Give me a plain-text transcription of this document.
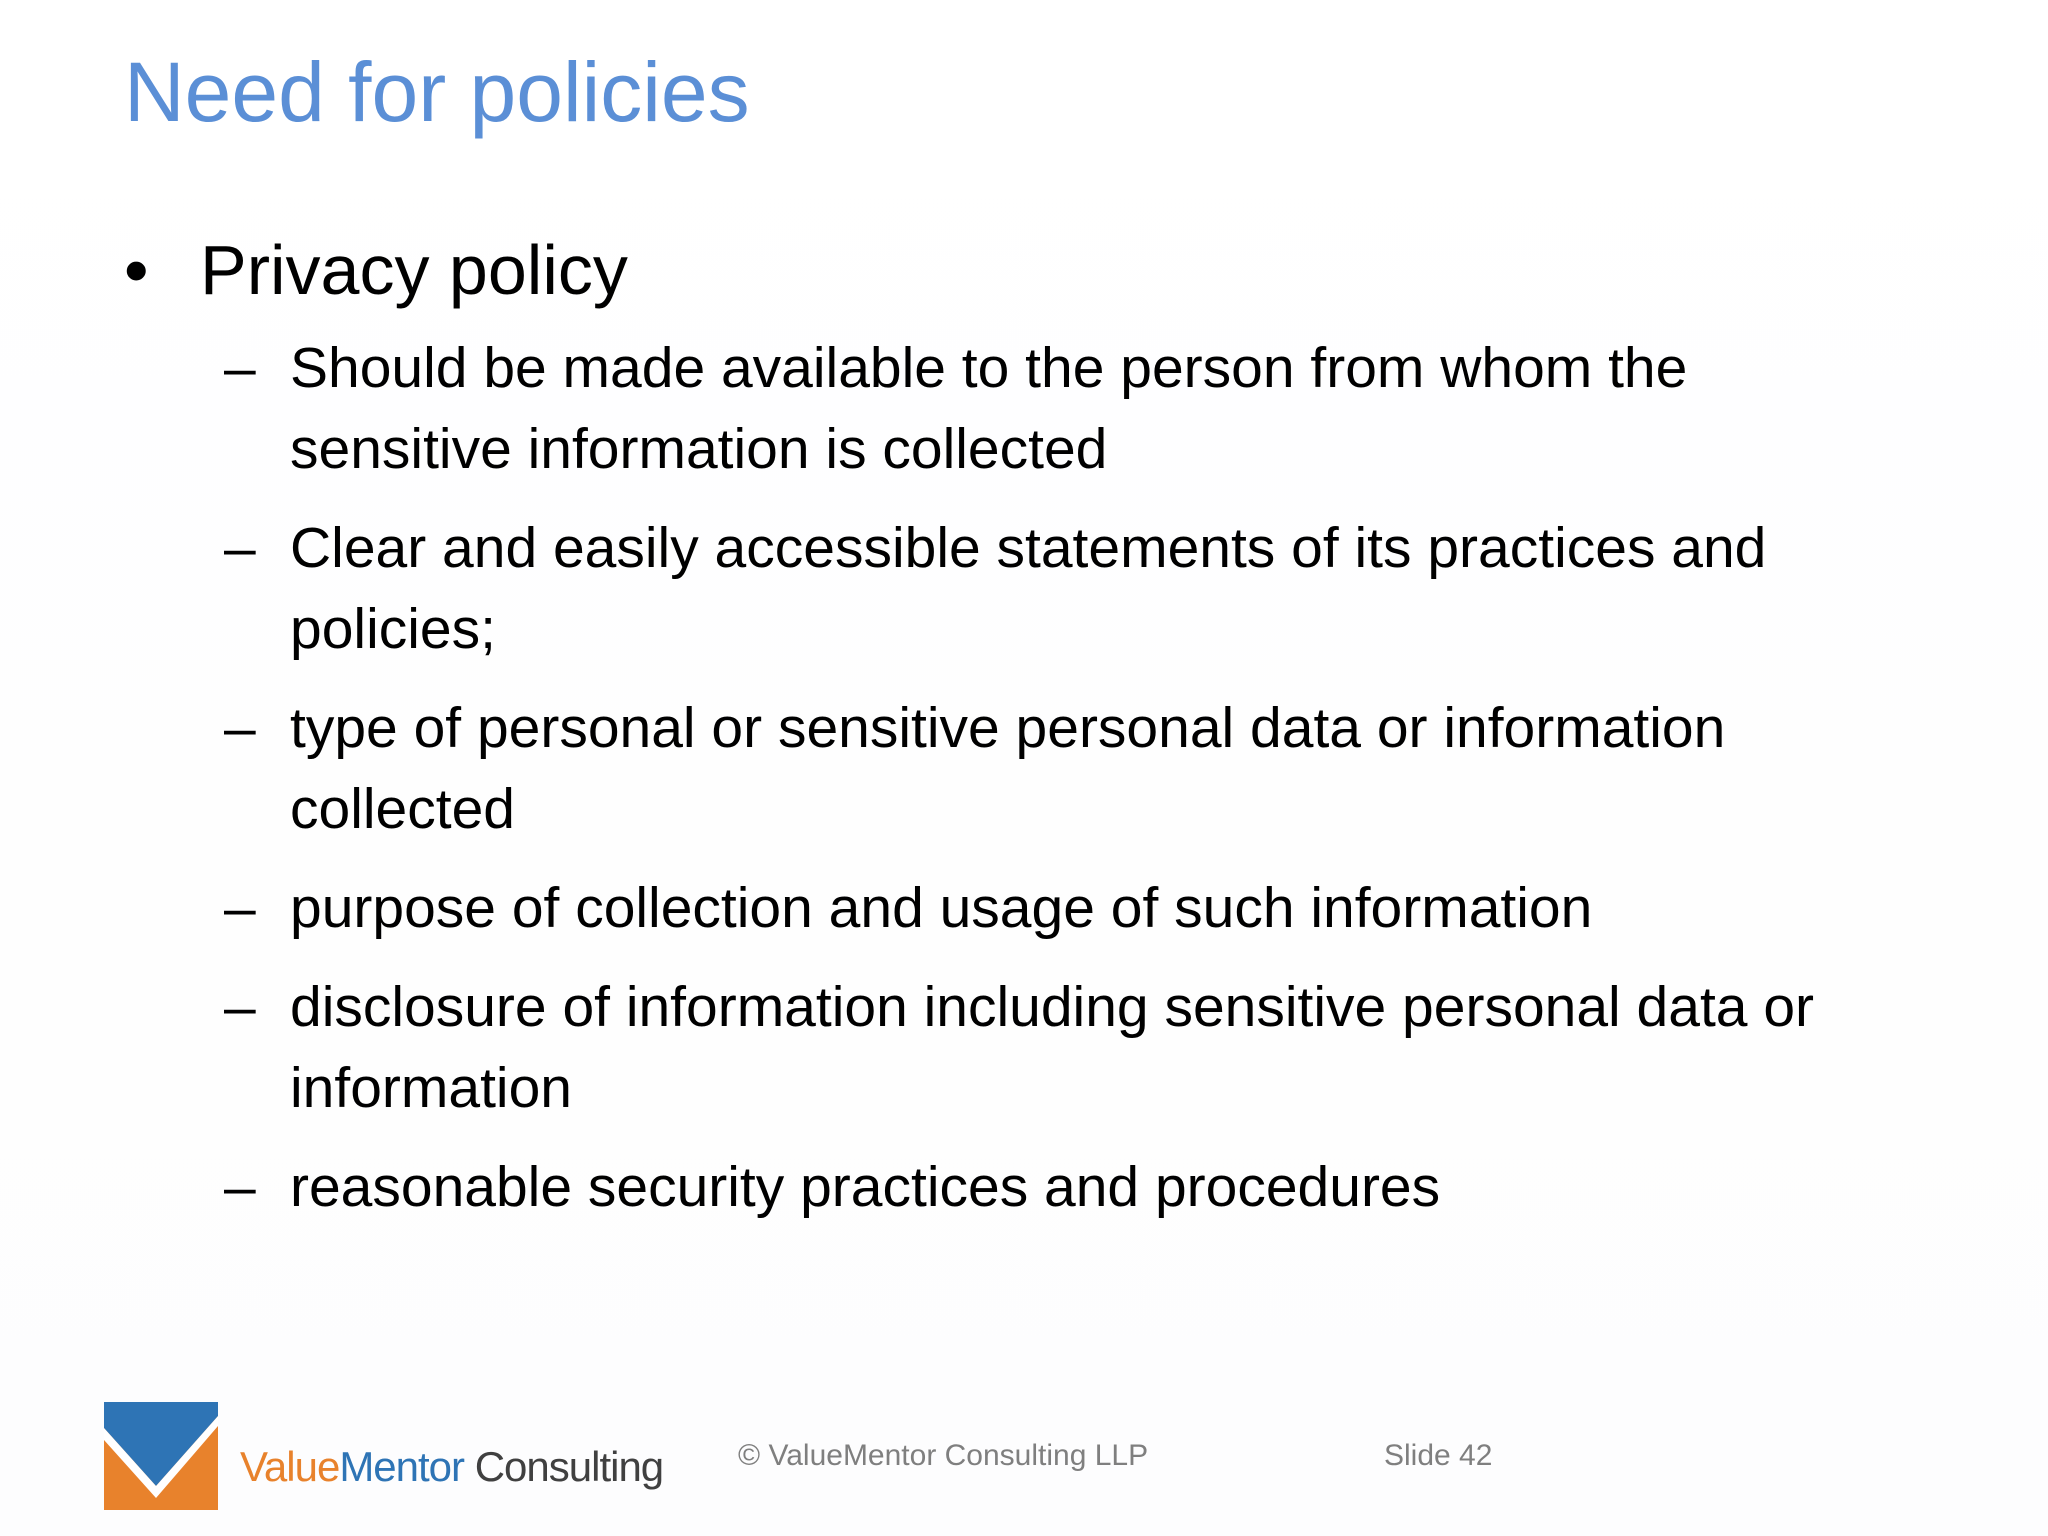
Need for policies
• Privacy policy
– Should be made available to the person from whom the sensitive information is collected
– Clear and easily accessible statements of its practices and policies;
– type of personal or sensitive personal data or information collected
– purpose of collection and usage of such information
– disclosure of information including sensitive personal data or information
– reasonable security practices and procedures
ValueMentor Consulting © ValueMentor Consulting LLP	Slide 42
